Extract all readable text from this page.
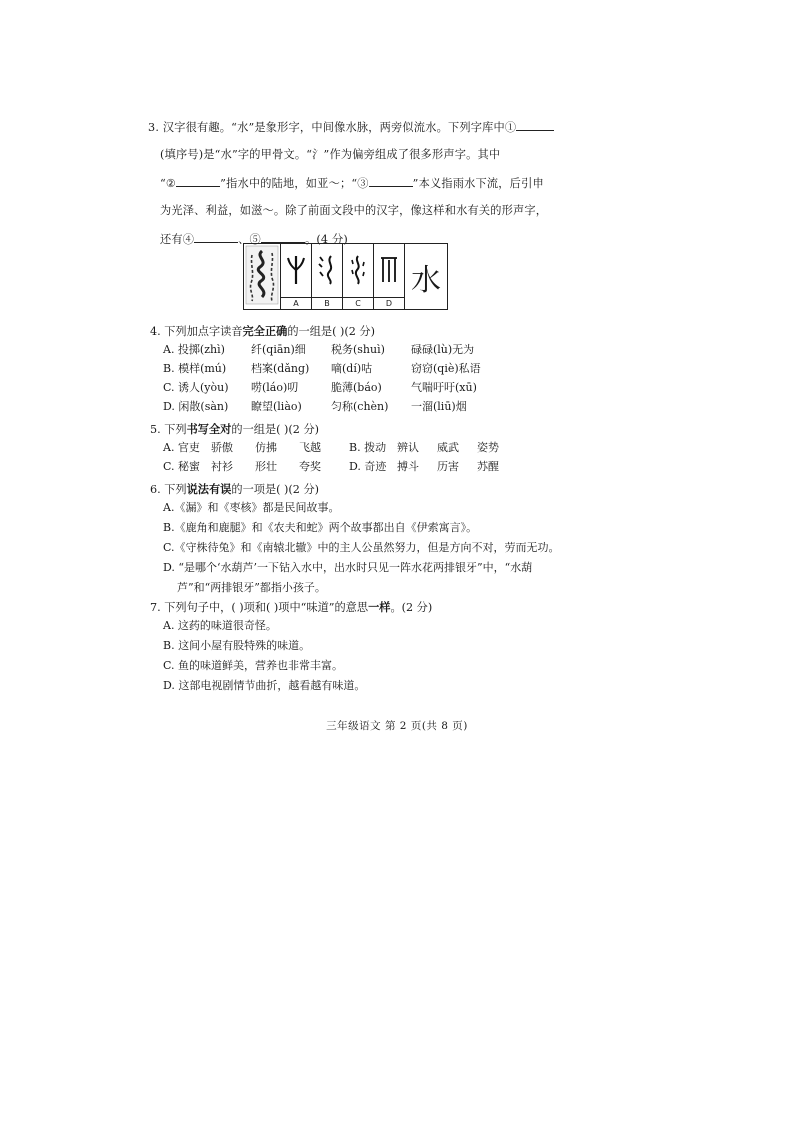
3. 汉字很有趣。“水”是象形字，中间像水脉，两旁似流水。下列字库中①
(填序号)是“水”字的甲骨文。“氵”作为偏旁组成了很多形声字。其中
“②	”指水中的陆地，如亚～；“③	”本义指雨水下流，后引申
为光泽、利益，如滋～。除了前面文段中的汉字，像这样和水有关的形声字，
还有④	、⑤	。(4 分)
					水
	A	B	C	D	
4. 下列加点字读音完全正确的一组是( )(2 分)
A. 投掷(zhì) 纤(qiān)细 税务(shuì) 碌碌(lù)无为
B. 模样(mú) 档案(dǎng) 嘀(dí)咕	窃窃(qiè)私语
C. 诱人(yòu) 唠(láo)叨	脆薄(báo)	气喘吁吁(xū)
D. 闲散(sàn) 瞭望(liào)	匀称(chèn) 一溜(liū)烟
5. 下列书写全对的一组是( )(2 分)
A. 官吏 骄傲 仿拂 飞越	B. 拨动 辨认 威武 姿势
C. 秘蜜 衬衫 形壮 夸奖	D. 奇迹 搏斗 历害 苏醒
6. 下列说法有误的一项是( )(2 分)
A.《漏》和《枣核》都是民间故事。
B.《鹿角和鹿腿》和《农夫和蛇》两个故事都出自《伊索寓言》。
C.《守株待兔》和《南辕北辙》中的主人公虽然努力，但是方向不对，劳而无功。
D. “是哪个‘水葫芦’一下钻入水中，出水时只见一阵水花两排银牙”中，“水葫
芦”和“两排银牙”都指小孩子。
7. 下列句子中，( )项和( )项中“味道”的意思一样。(2 分)
A. 这药的味道很奇怪。
B. 这间小屋有股特殊的味道。
C. 鱼的味道鲜美，营养也非常丰富。
D. 这部电视剧情节曲折，越看越有味道。
三年级语文 第 2 页(共 8 页)
